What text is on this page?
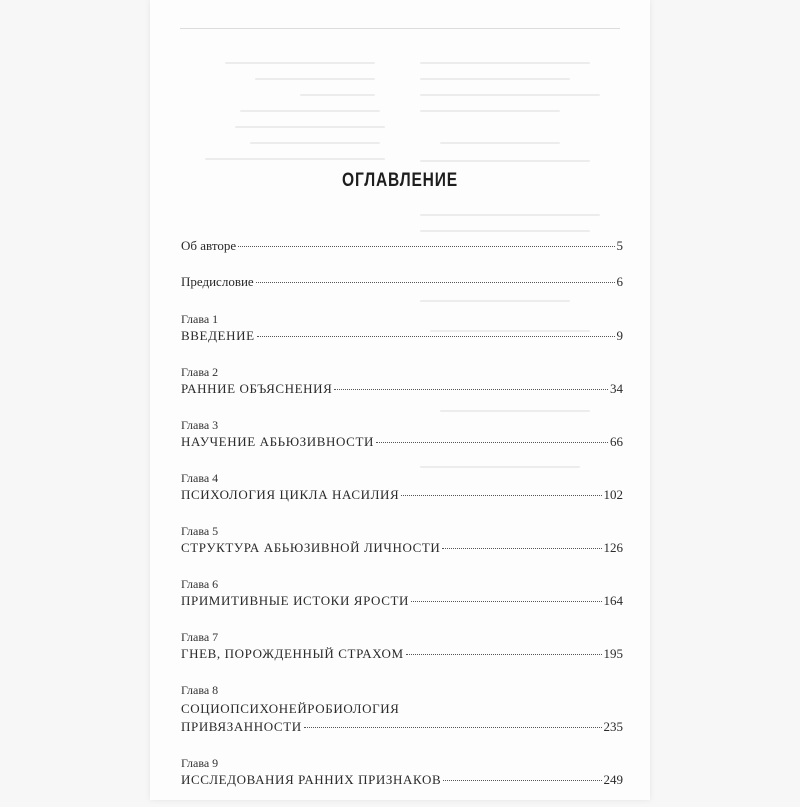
ОГЛАВЛЕНИЕ
Об авторе	5
Предисловие	6
Глава 1
ВВЕДЕНИЕ	9
Глава 2
РАННИЕ ОБЪЯСНЕНИЯ	34
Глава 3
НАУЧЕНИЕ АБЬЮЗИВНОСТИ	66
Глава 4
ПСИХОЛОГИЯ ЦИКЛА НАСИЛИЯ	102
Глава 5
СТРУКТУРА АБЬЮЗИВНОЙ ЛИЧНОСТИ	126
Глава 6
ПРИМИТИВНЫЕ ИСТОКИ ЯРОСТИ	164
Глава 7
ГНЕВ, ПОРОЖДЕННЫЙ СТРАХОМ	195
Глава 8
СОЦИОПСИХОНЕЙРОБИОЛОГИЯ
ПРИВЯЗАННОСТИ	235
Глава 9
ИССЛЕДОВАНИЯ РАННИХ ПРИЗНАКОВ	249
